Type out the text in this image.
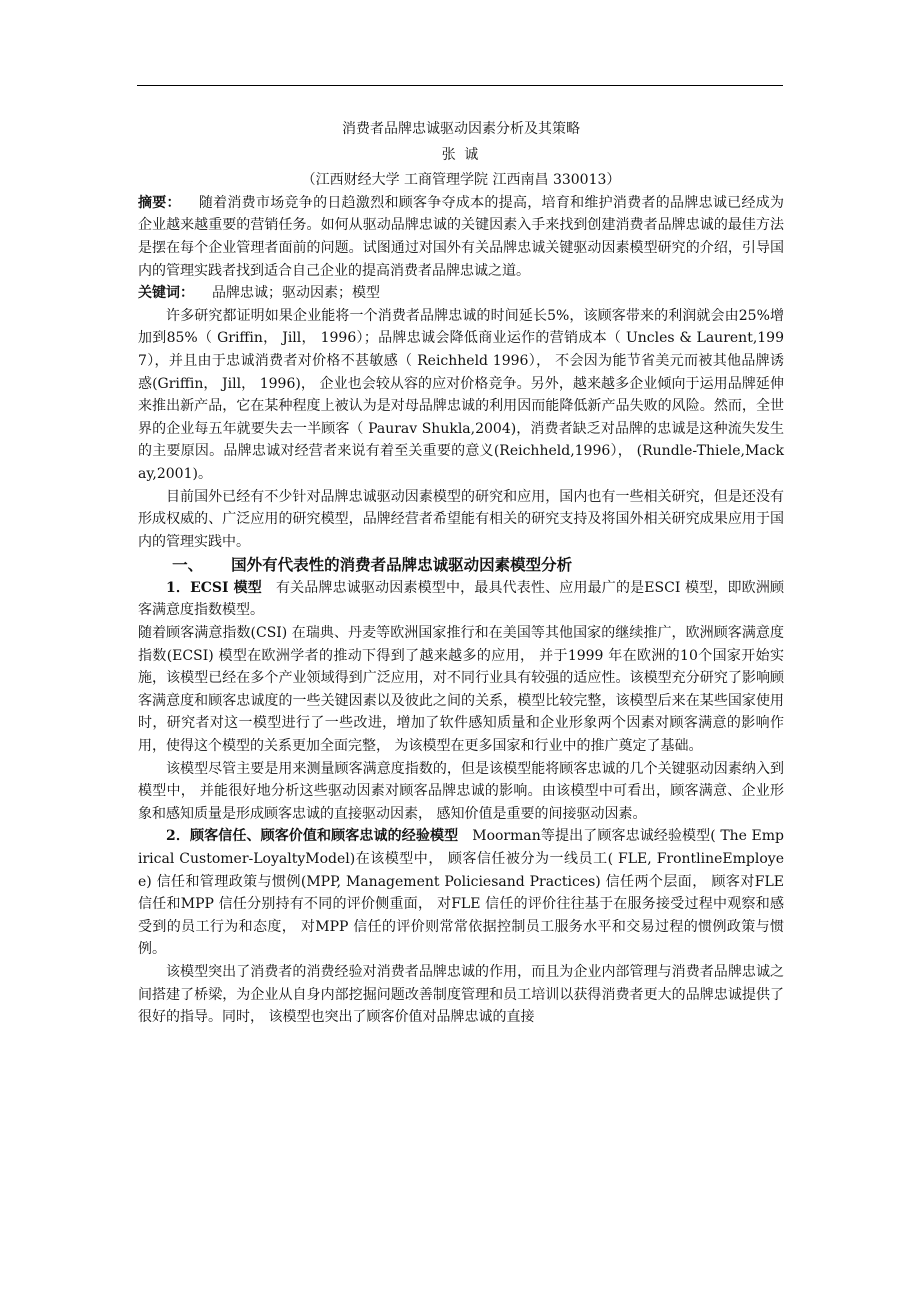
消费者品牌忠诚驱动因素分析及其策略

张 诚

（江西财经大学 工商管理学院 江西南昌 330013）

摘要： 随着消费市场竞争的日趋激烈和顾客争夺成本的提高，培育和维护消费者的品牌忠诚已经成为企业越来越重要的营销任务。如何从驱动品牌忠诚的关键因素入手来找到创建消费者品牌忠诚的最佳方法是摆在每个企业管理者面前的问题。试图通过对国外有关品牌忠诚关键驱动因素模型研究的介绍，引导国内的管理实践者找到适合自己企业的提高消费者品牌忠诚之道。

关键词： 品牌忠诚；驱动因素；模型

许多研究都证明如果企业能将一个消费者品牌忠诚的时间延长5%，该顾客带来的利润就会由25%增加到85%（ Griffin， Jill， 1996）；品牌忠诚会降低商业运作的营销成本（ Uncles & Laurent,1997），并且由于忠诚消费者对价格不甚敏感（ Reichheld 1996）， 不会因为能节省美元而被其他品牌诱惑(Griffin， Jill， 1996)， 企业也会较从容的应对价格竞争。另外，越来越多企业倾向于运用品牌延伸来推出新产品，它在某种程度上被认为是对母品牌忠诚的利用因而能降低新产品失败的风险。然而，全世界的企业每五年就要失去一半顾客（ Paurav Shukla,2004)，消费者缺乏对品牌的忠诚是这种流失发生的主要原因。品牌忠诚对经营者来说有着至关重要的意义(Reichheld,1996）， (Rundle-Thiele,Mackay,2001)。

目前国外已经有不少针对品牌忠诚驱动因素模型的研究和应用，国内也有一些相关研究，但是还没有形成权威的、广泛应用的研究模型，品牌经营者希望能有相关的研究支持及将国外相关研究成果应用于国内的管理实践中。

一、 国外有代表性的消费者品牌忠诚驱动因素模型分析

1．ECSI 模型 有关品牌忠诚驱动因素模型中，最具代表性、应用最广的是ESCI 模型，即欧洲顾客满意度指数模型。

随着顾客满意指数(CSI) 在瑞典、丹麦等欧洲国家推行和在美国等其他国家的继续推广，欧洲顾客满意度指数(ECSI) 模型在欧洲学者的推动下得到了越来越多的应用， 并于1999 年在欧洲的10个国家开始实施，该模型已经在多个产业领域得到广泛应用，对不同行业具有较强的适应性。该模型充分研究了影响顾客满意度和顾客忠诚度的一些关键因素以及彼此之间的关系，模型比较完整，该模型后来在某些国家使用时，研究者对这一模型进行了一些改进，增加了软件感知质量和企业形象两个因素对顾客满意的影响作用，使得这个模型的关系更加全面完整， 为该模型在更多国家和行业中的推广奠定了基础。

该模型尽管主要是用来测量顾客满意度指数的，但是该模型能将顾客忠诚的几个关键驱动因素纳入到模型中， 并能很好地分析这些驱动因素对顾客品牌忠诚的影响。由该模型中可看出，顾客满意、企业形象和感知质量是形成顾客忠诚的直接驱动因素， 感知价值是重要的间接驱动因素。

2．顾客信任、顾客价值和顾客忠诚的经验模型 Moorman等提出了顾客忠诚经验模型( The Empirical Customer-LoyaltyModel)在该模型中， 顾客信任被分为一线员工( FLE, FrontlineEmployee) 信任和管理政策与惯例(MPP, Management Policiesand Practices) 信任两个层面， 顾客对FLE 信任和MPP 信任分别持有不同的评价侧重面， 对FLE 信任的评价往往基于在服务接受过程中观察和感受到的员工行为和态度， 对MPP 信任的评价则常常依据控制员工服务水平和交易过程的惯例政策与惯例。

该模型突出了消费者的消费经验对消费者品牌忠诚的作用，而且为企业内部管理与消费者品牌忠诚之间搭建了桥梁，为企业从自身内部挖掘问题改善制度管理和员工培训以获得消费者更大的品牌忠诚提供了很好的指导。同时， 该模型也突出了顾客价值对品牌忠诚的直接
